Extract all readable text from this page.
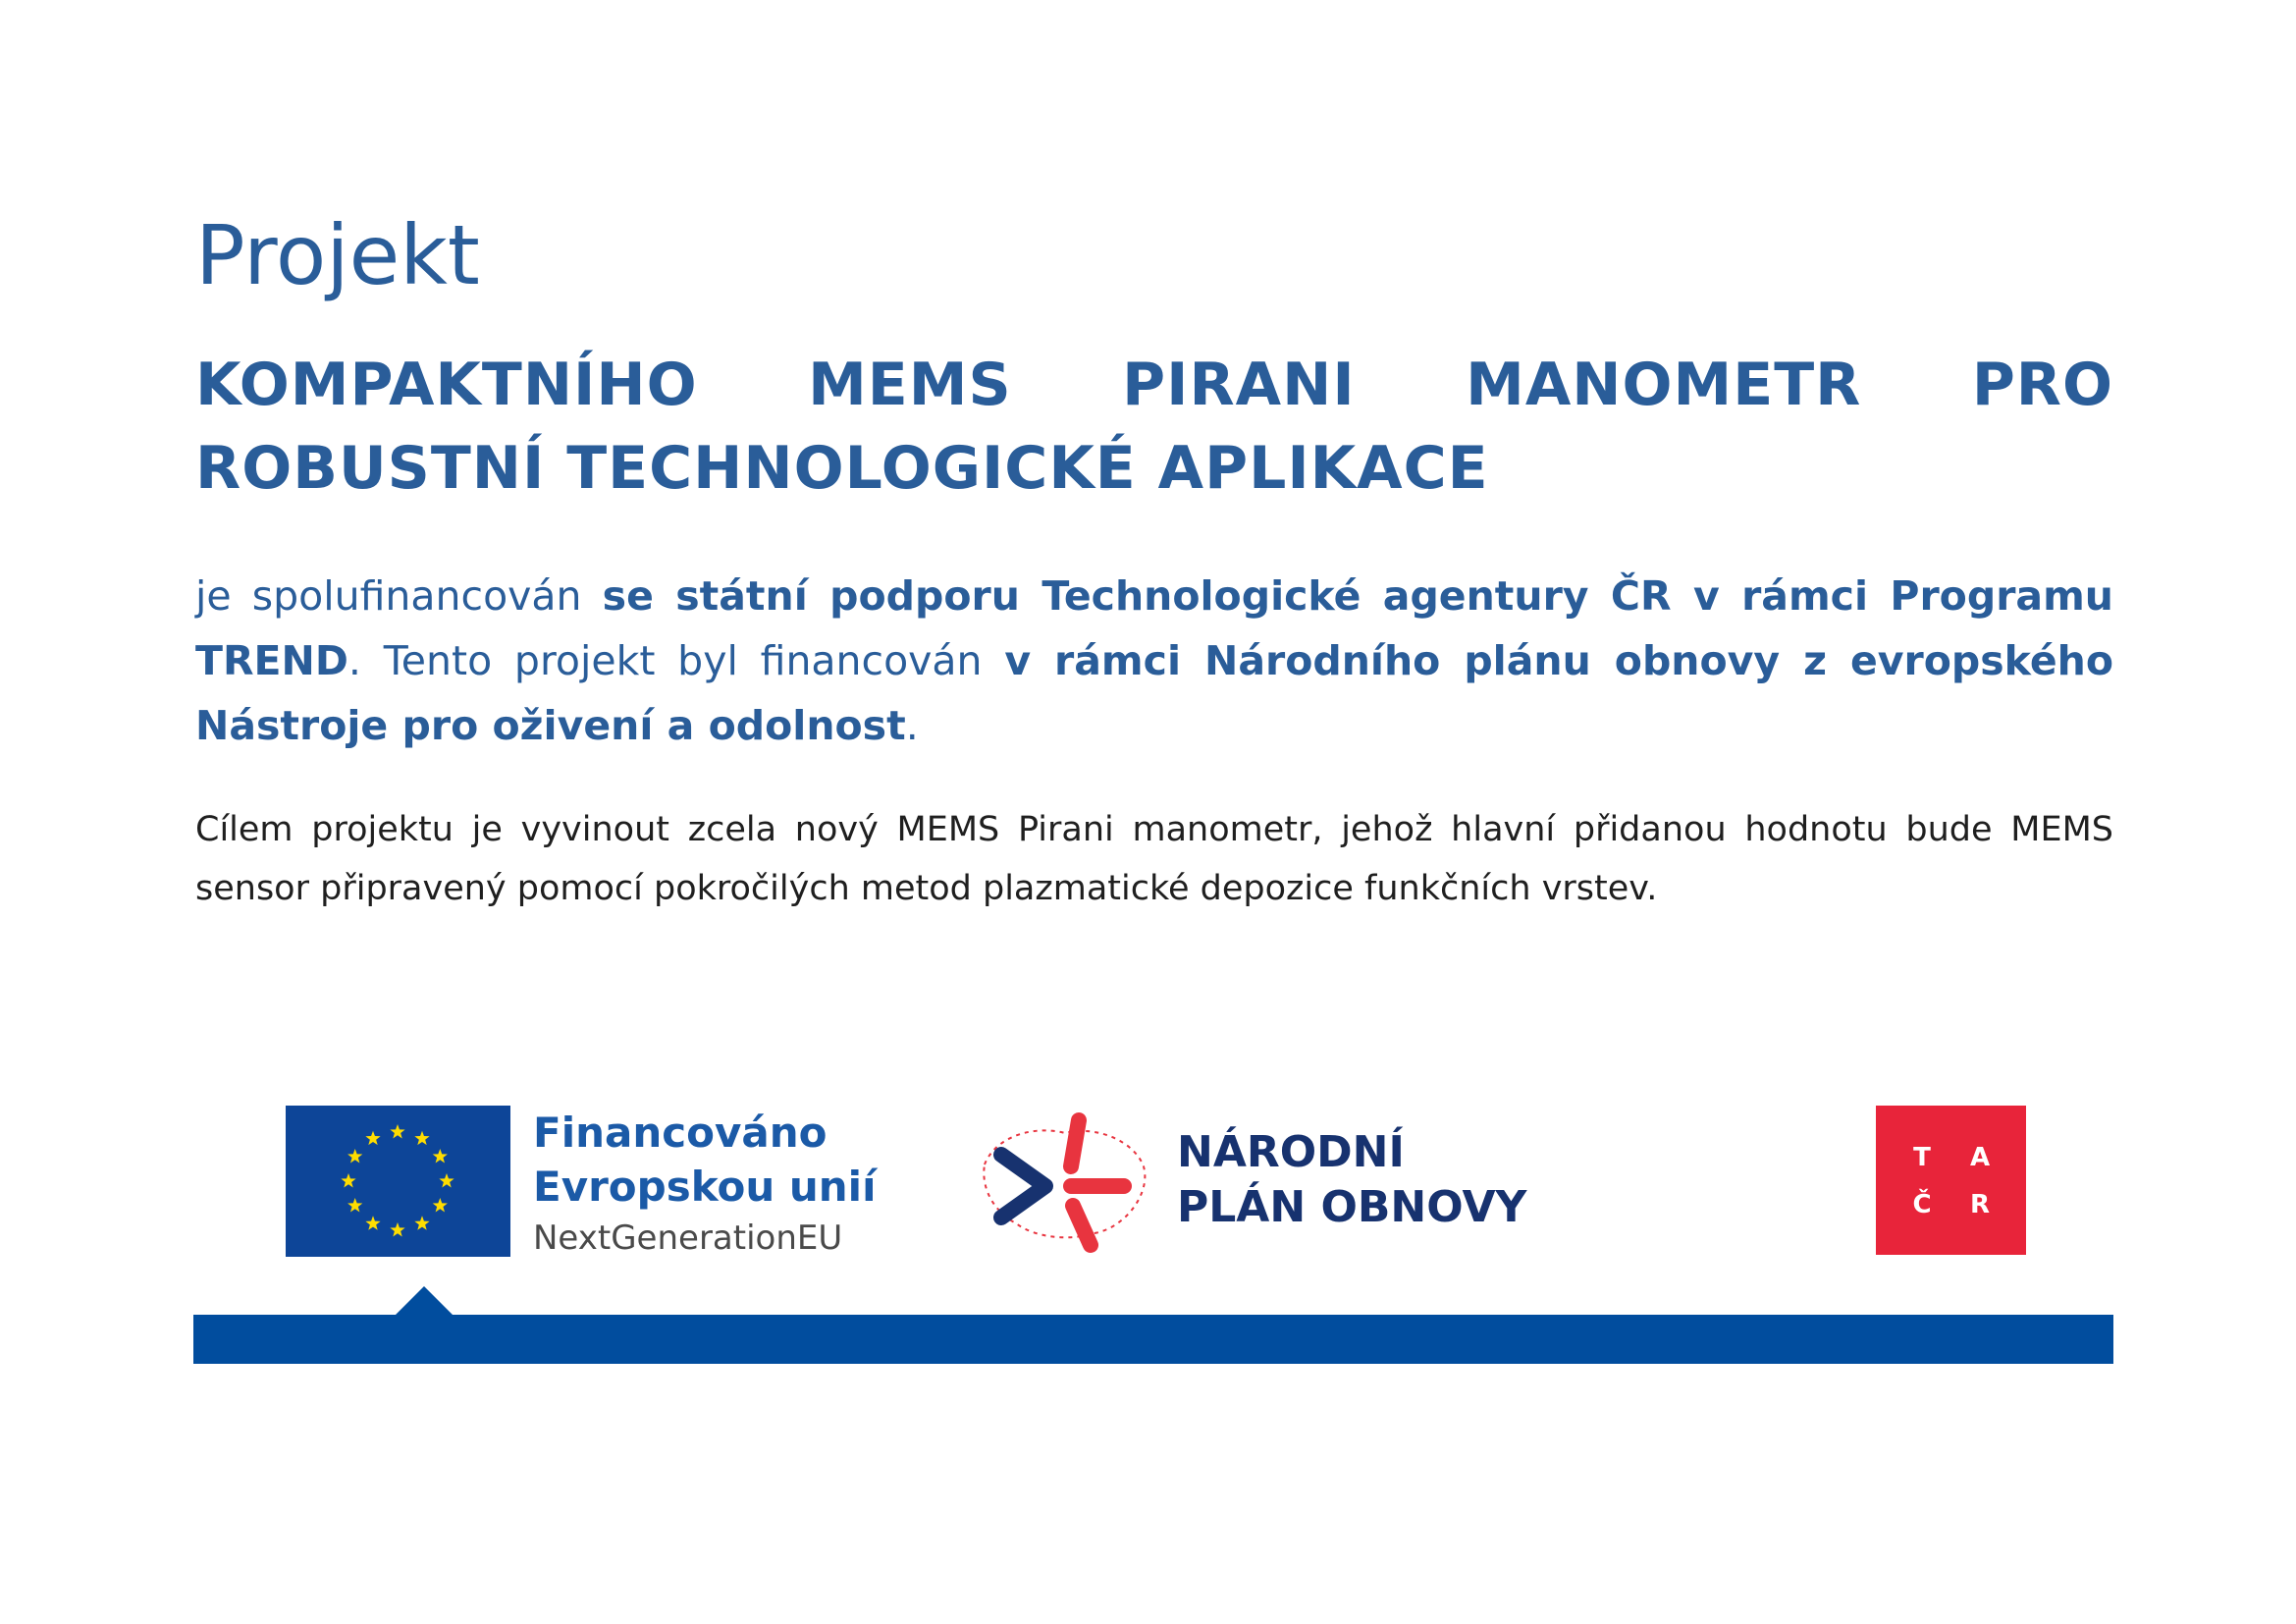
Projekt
KOMPAKTNÍHO MEMS PIRANI MANOMETR PRO ROBUSTNÍ TECHNOLOGICKÉ APLIKACE

je spolufinancován se státní podporu Technologické agentury ČR v rámci Programu TREND. Tento projekt byl financován v rámci Národního plánu obnovy z evropského Nástroje pro oživení a odolnost.

Cílem projektu je vyvinout zcela nový MEMS Pirani manometr, jehož hlavní přidanou hodnotu bude MEMS sensor připravený pomocí pokročilých metod plazmatické depozice funkčních vrstev.

Financováno
Evropskou unií
NextGenerationEU
NÁRODNÍ
PLÁN OBNOVY
T A
Č R
